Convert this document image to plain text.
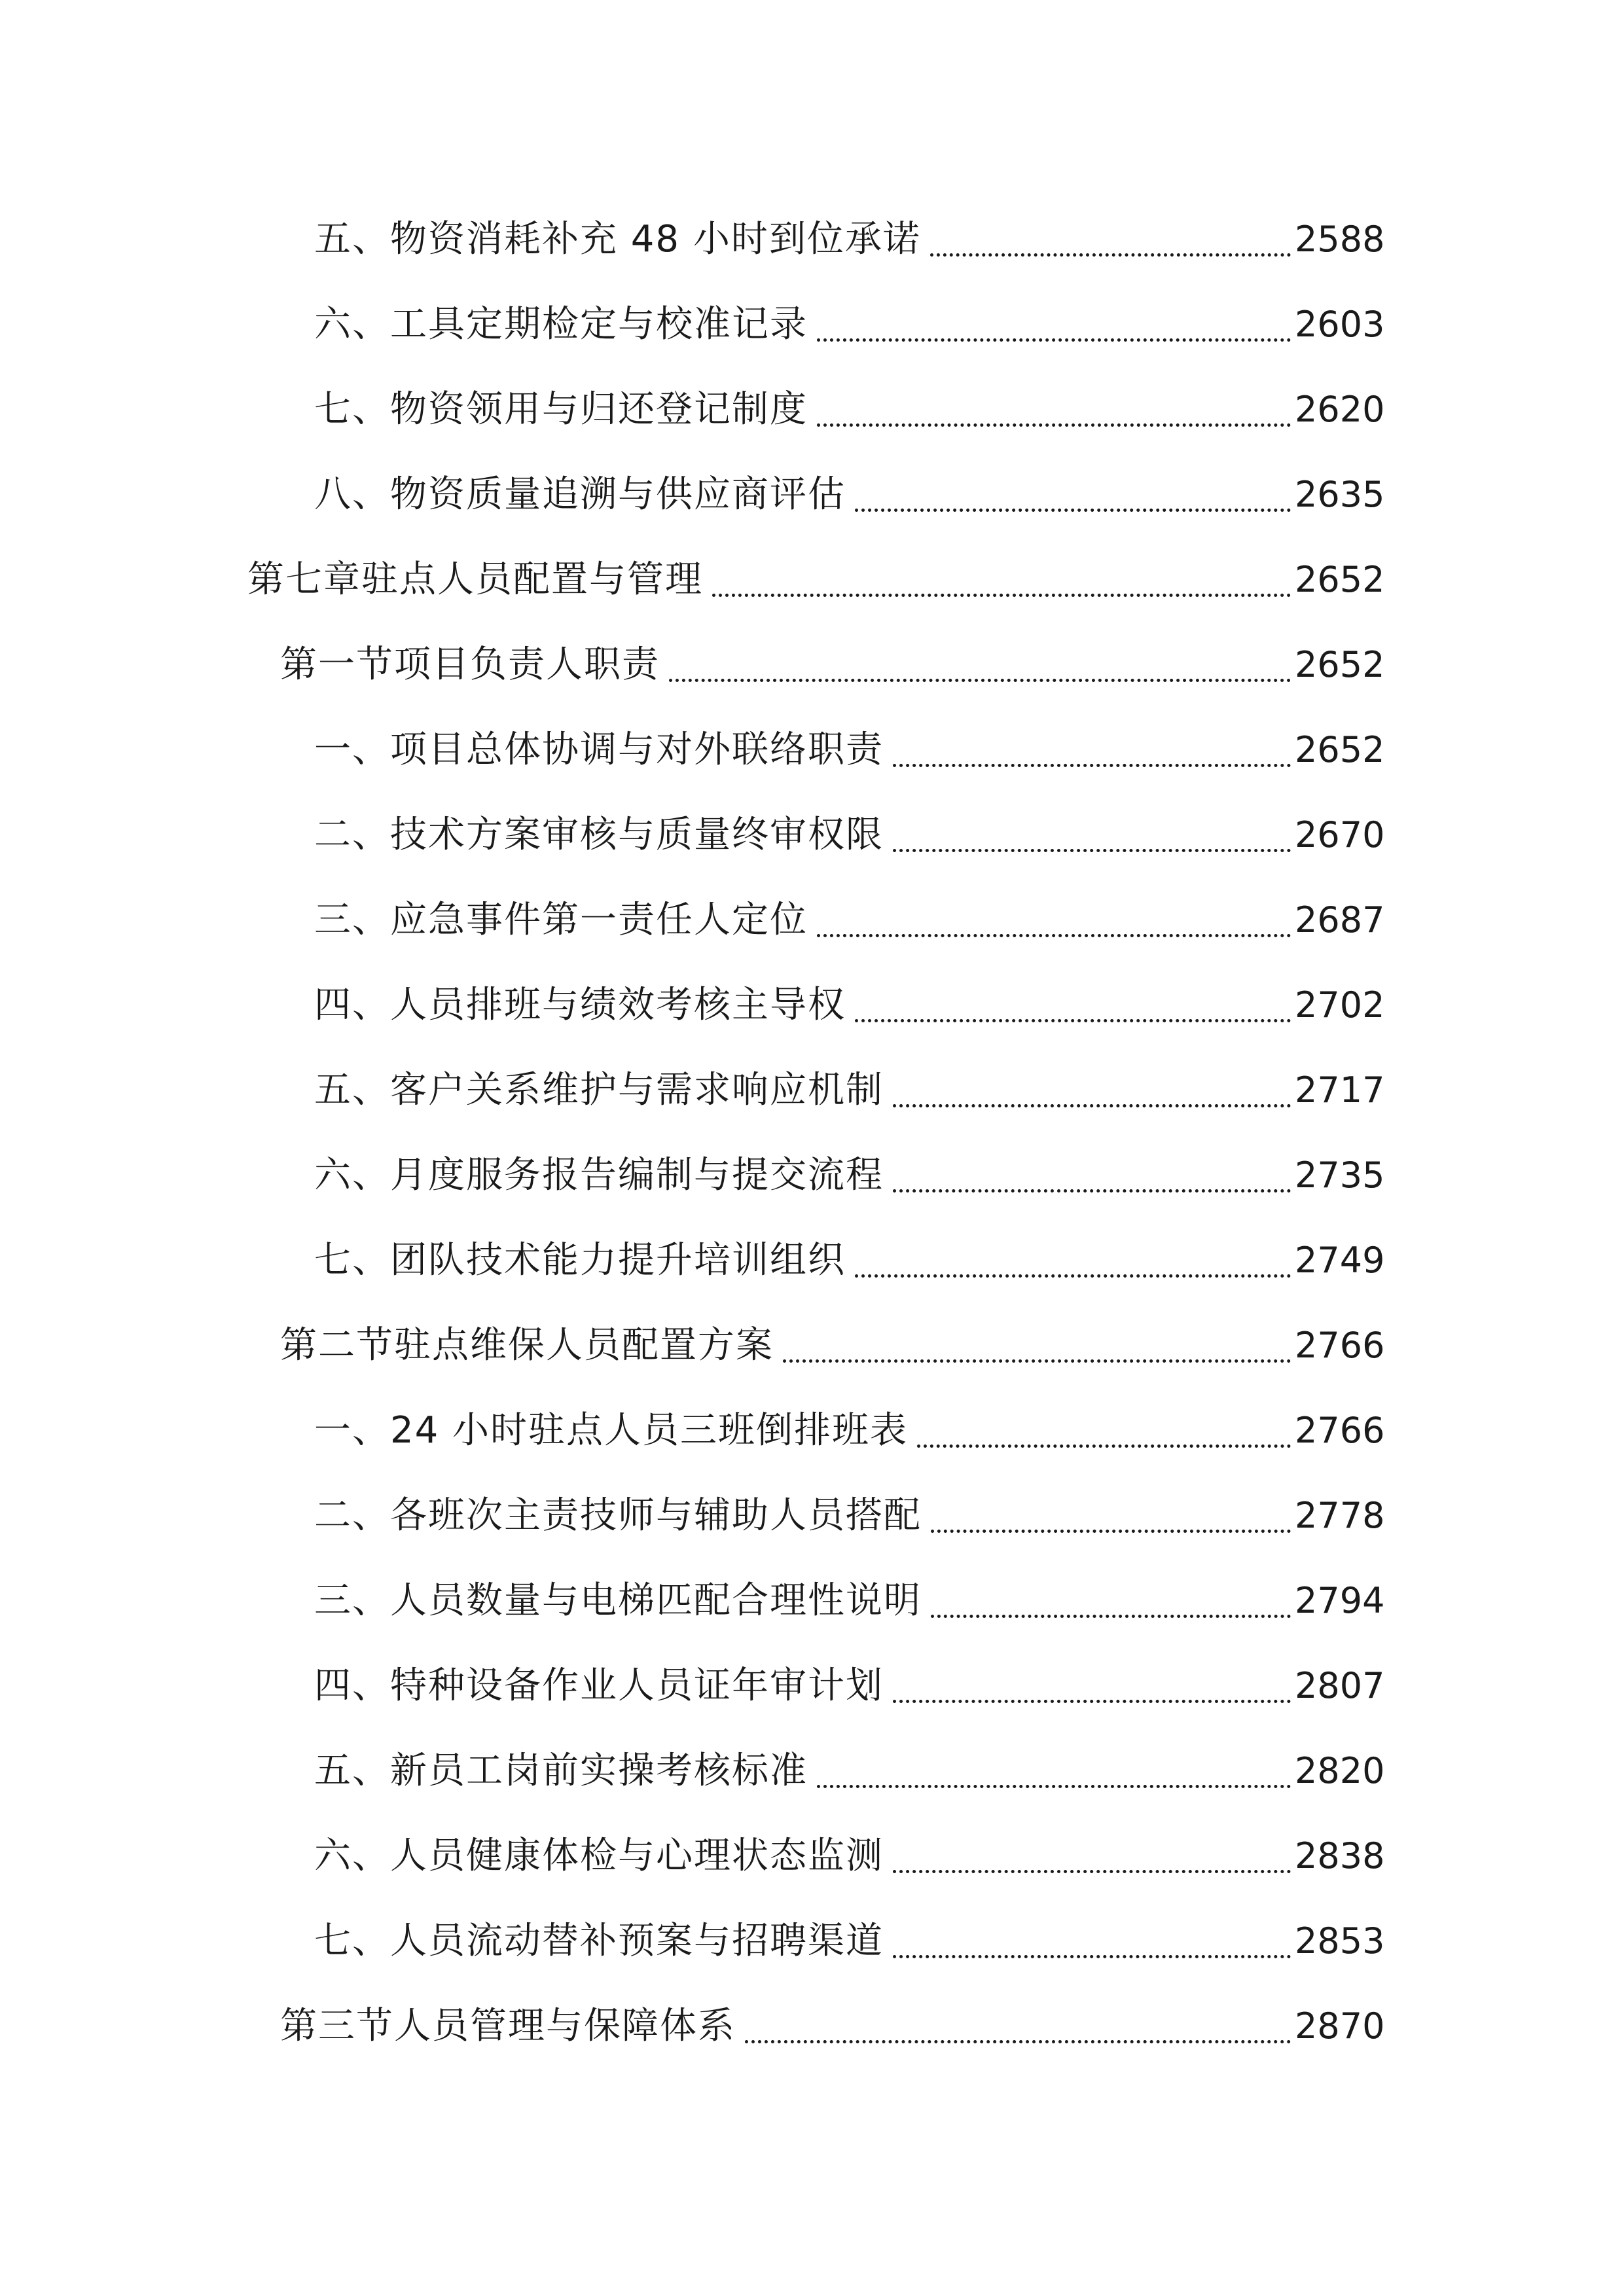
五、物资消耗补充 48 小时到位承诺	2588
六、工具定期检定与校准记录	2603
七、物资领用与归还登记制度	2620
八、物资质量追溯与供应商评估	2635
第七章驻点人员配置与管理	2652
第一节项目负责人职责	2652
一、项目总体协调与对外联络职责	2652
二、技术方案审核与质量终审权限	2670
三、应急事件第一责任人定位	2687
四、人员排班与绩效考核主导权	2702
五、客户关系维护与需求响应机制	2717
六、月度服务报告编制与提交流程	2735
七、团队技术能力提升培训组织	2749
第二节驻点维保人员配置方案	2766
一、24 小时驻点人员三班倒排班表	2766
二、各班次主责技师与辅助人员搭配	2778
三、人员数量与电梯匹配合理性说明	2794
四、特种设备作业人员证年审计划	2807
五、新员工岗前实操考核标准	2820
六、人员健康体检与心理状态监测	2838
七、人员流动替补预案与招聘渠道	2853
第三节人员管理与保障体系	2870
